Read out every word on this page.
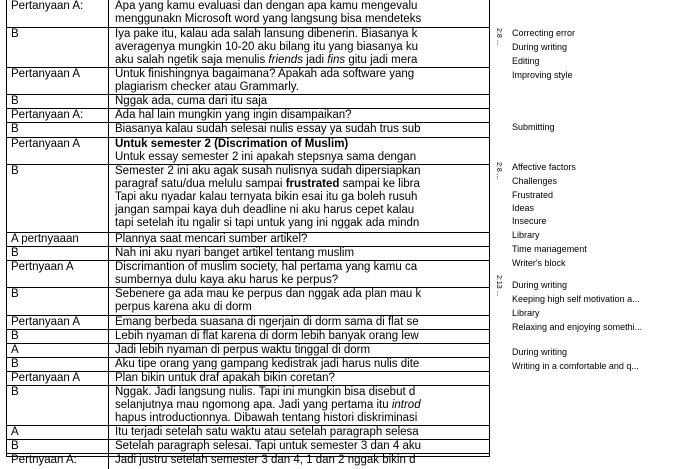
Pertanyaan A:	Apa yang kamu evaluasi dan dengan apa kamu mengevalu
menggunakn Microsoft word yang langsung bisa mendeteks
B	Iya pake itu, kalau ada salah lansung dibenerin. Biasanya k
averagenya mungkin 10-20 aku bilang itu yang biasanya ku
aku salah ngetik saja menulis friends jadi fins gitu jadi mera
Pertanyaan A	Untuk finishingnya bagaimana? Apakah ada software yang
plagiarism checker atau Grammarly.
B	Nggak ada, cuma dari itu saja
Pertanyaan A:	Ada hal lain mungkin yang ingin disampaikan?
B	Biasanya kalau sudah selesai nulis essay ya sudah trus sub
Pertanyaan A	Untuk semester 2 (Discrimation of Muslim)
Untuk essay semester 2 ini apakah stepsnya sama dengan
B	Semester 2 ini aku agak susah nulisnya sudah dipersiapkan
paragraf satu/dua melulu sampai frustrated sampai ke libra
Tapi aku nyadar kalau ternyata bikin esai itu ga boleh rusuh
jangan sampai kaya duh deadline ni aku harus cepet kalau
tapi setelah itu ngalir si tapi untuk yang ini nggak ada mindn
A pertnyaaan	Plannya saat mencari sumber artikel?
B	Nah ini aku nyari banget artikel tentang muslim
Pertnyaan A	Discrimantion of muslim society, hal pertama yang kamu ca
sumbernya dulu kaya aku harus ke perpus?
B	Sebenere ga ada mau ke perpus dan nggak ada plan mau k
perpus karena aku di dorm
Pertanyaan A	Emang berbeda suasana di ngerjain di dorm sama di flat se
B	Lebih nyaman di flat karena di dorm lebih banyak orang lew
A	Jadi lebih nyaman di perpus waktu tinggal di dorm
B	Aku tipe orang yang gampang kedistrak jadi harus nulis dite
Pertanyaan A	Plan bikin untuk draf apakah bikin coretan?
B	Nggak. Jadi langsung nulis. Tapi ini mungkin bisa disebut d
selanjutnya mau ngomong apa. Jadi yang pertama itu introd
hapus introductionnya. Dibawah tentang histori diskriminasi
A	Itu terjadi setelah satu waktu atau setelah paragraph selesa
B	Setelah paragraph selesai. Tapi untuk semester 3 dan 4 aku
Pertnyaan A:	Jadi justru setelah semester 3 dan 4, 1 dan 2 nggak bikin d
2:8 ...
2:8 ...
2:13 ...
Correcting error
During writing
Editing
Improving style
Submitting
Affective factors
Challenges
Frustrated
Ideas
Insecure
Library
Time management
Writer's block
During writing
Keeping high self motivation a...
Library
Relaxing and enjoying somethi...
During writing
Writing in a comfortable and q...
